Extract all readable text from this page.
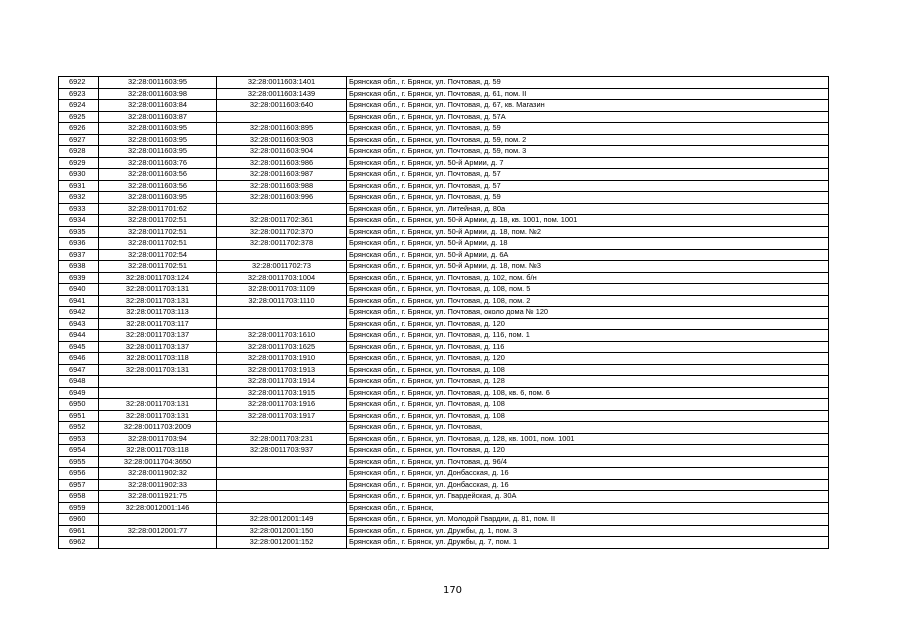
6922	32:28:0011603:95	32:28:0011603:1401	Брянская обл., г. Брянск, ул. Почтовая, д. 59
6923	32:28:0011603:98	32:28:0011603:1439	Брянская обл., г. Брянск, ул. Почтовая, д. 61, пом. II
6924	32:28:0011603:84	32:28:0011603:640	Брянская обл., г. Брянск, ул. Почтовая, д. 67, кв. Магазин
6925	32:28:0011603:87		Брянская обл., г. Брянск, ул. Почтовая, д. 57А
6926	32:28:0011603:95	32:28:0011603:895	Брянская обл., г. Брянск, ул. Почтовая, д. 59
6927	32:28:0011603:95	32:28:0011603:903	Брянская обл., г. Брянск, ул. Почтовая, д. 59, пом. 2
6928	32:28:0011603:95	32:28:0011603:904	Брянская обл., г. Брянск, ул. Почтовая, д. 59, пом. 3
6929	32:28:0011603:76	32:28:0011603:986	Брянская обл., г. Брянск, ул. 50-й Армии, д. 7
6930	32:28:0011603:56	32:28:0011603:987	Брянская обл., г. Брянск, ул. Почтовая, д. 57
6931	32:28:0011603:56	32:28:0011603:988	Брянская обл., г. Брянск, ул. Почтовая, д. 57
6932	32:28:0011603:95	32:28:0011603:996	Брянская обл., г. Брянск, ул. Почтовая, д. 59
6933	32:28:0011701:62		Брянская обл., г. Брянск, ул. Литейная, д. 80а
6934	32:28:0011702:51	32:28:0011702:361	Брянская обл., г. Брянск, ул. 50-й Армии, д. 18, кв. 1001, пом. 1001
6935	32:28:0011702:51	32:28:0011702:370	Брянская обл., г. Брянск, ул. 50-й Армии, д. 18, пом. №2
6936	32:28:0011702:51	32:28:0011702:378	Брянская обл., г. Брянск, ул. 50-й Армии, д. 18
6937	32:28:0011702:54		Брянская обл., г. Брянск, ул. 50-й Армии, д. 6А
6938	32:28:0011702:51	32:28:0011702:73	Брянская обл., г. Брянск, ул. 50-й Армии, д. 18, пом. №3
6939	32:28:0011703:124	32:28:0011703:1004	Брянская обл., г. Брянск, ул. Почтовая, д. 102, пом. б/н
6940	32:28:0011703:131	32:28:0011703:1109	Брянская обл., г. Брянск, ул. Почтовая, д. 108, пом. 5
6941	32:28:0011703:131	32:28:0011703:1110	Брянская обл., г. Брянск, ул. Почтовая, д. 108, пом. 2
6942	32:28:0011703:113		Брянская обл., г. Брянск, ул. Почтовая, около дома № 120
6943	32:28:0011703:117		Брянская обл., г. Брянск, ул. Почтовая, д. 120
6944	32:28:0011703:137	32:28:0011703:1610	Брянская обл., г. Брянск, ул. Почтовая, д. 116, пом. 1
6945	32:28:0011703:137	32:28:0011703:1625	Брянская обл., г. Брянск, ул. Почтовая, д. 116
6946	32:28:0011703:118	32:28:0011703:1910	Брянская обл., г. Брянск, ул. Почтовая, д. 120
6947	32:28:0011703:131	32:28:0011703:1913	Брянская обл., г. Брянск, ул. Почтовая, д. 108
6948		32:28:0011703:1914	Брянская обл., г. Брянск, ул. Почтовая, д. 128
6949		32:28:0011703:1915	Брянская обл., г. Брянск, ул. Почтовая, д. 108, кв. 6, пом. 6
6950	32:28:0011703:131	32:28:0011703:1916	Брянская обл., г. Брянск, ул. Почтовая, д. 108
6951	32:28:0011703:131	32:28:0011703:1917	Брянская обл., г. Брянск, ул. Почтовая, д. 108
6952	32:28:0011703:2009		Брянская обл., г. Брянск, ул. Почтовая,
6953	32:28:0011703:94	32:28:0011703:231	Брянская обл., г. Брянск, ул. Почтовая, д. 128, кв. 1001, пом. 1001
6954	32:28:0011703:118	32:28:0011703:937	Брянская обл., г. Брянск, ул. Почтовая, д. 120
6955	32:28:0011704:3650		Брянская обл., г. Брянск, ул. Почтовая, д. 96/4
6956	32:28:0011902:32		Брянская обл., г. Брянск, ул. Донбасская, д. 16
6957	32:28:0011902:33		Брянская обл., г. Брянск, ул. Донбасская, д. 16
6958	32:28:0011921:75		Брянская обл., г. Брянск, ул. Гвардейская, д. 30А
6959	32:28:0012001:146		Брянская обл., г. Брянск,
6960		32:28:0012001:149	Брянская обл., г. Брянск, ул. Молодой Гвардии, д. 81, пом. II
6961	32:28:0012001:77	32:28:0012001:150	Брянская обл., г. Брянск, ул. Дружбы, д. 1, пом. 3
6962		32:28:0012001:152	Брянская обл., г. Брянск, ул. Дружбы, д. 7, пом. 1
170
